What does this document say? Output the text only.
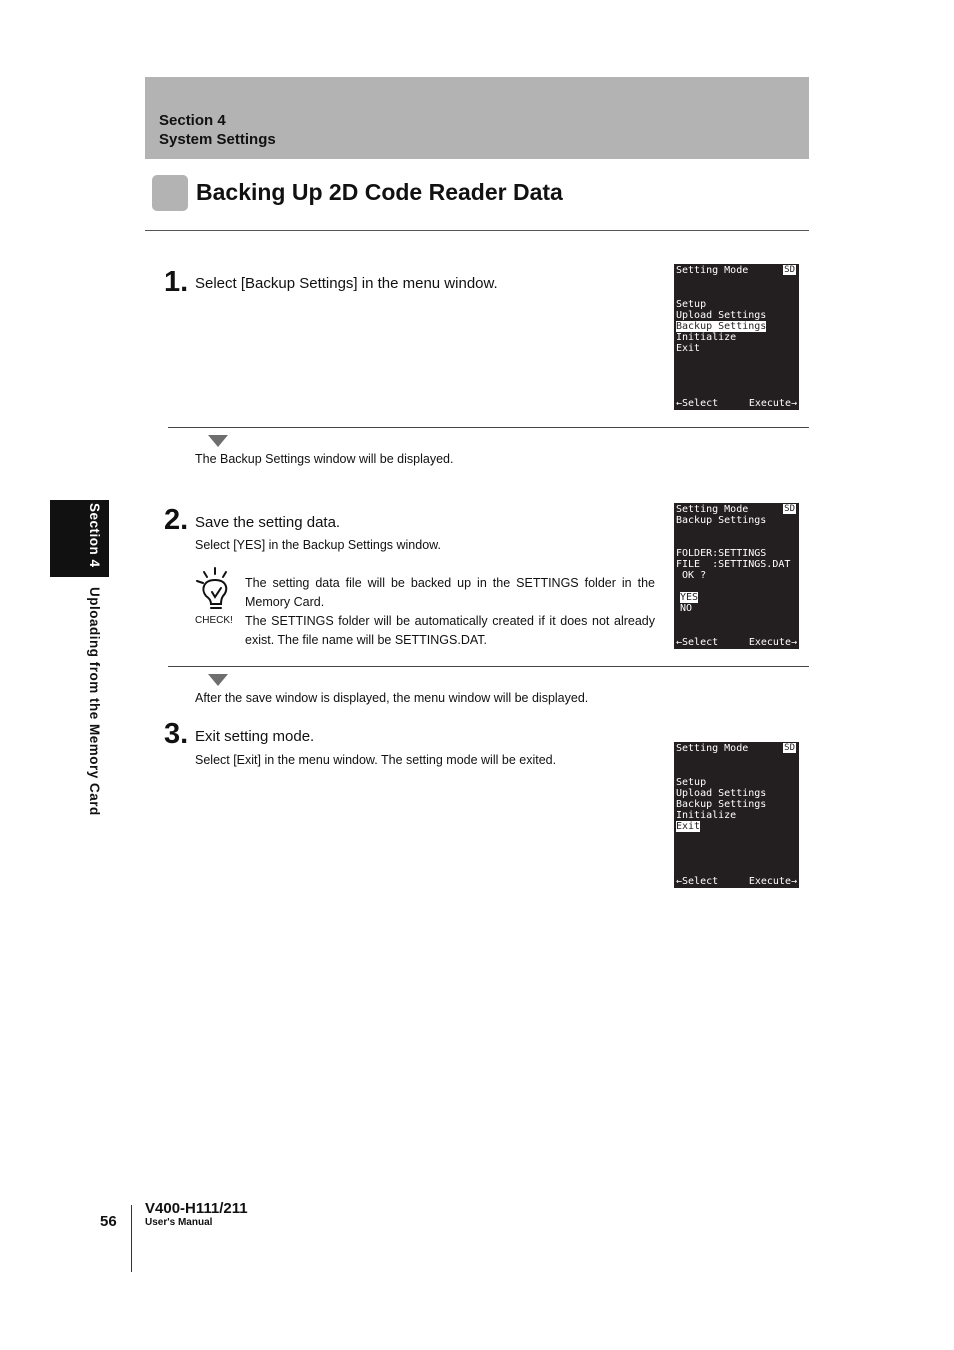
Section 4
System Settings
Backing Up 2D Code Reader Data
1. Select [Backup Settings] in the menu window.
Setting Mode	SD
Setup
Upload Settings
Backup Settings
Initialize
Exit
←Select	Execute→
The Backup Settings window will be displayed.
2. Save the setting data.
Select [YES] in the Backup Settings window.
CHECK!

The setting data file will be backed up in the SETTINGS folder in the Memory Card.

The SETTINGS folder will be automatically created if it does not already exist. The file name will be SETTINGS.DAT.

Setting Mode	SD
Backup Settings
FOLDER:SETTINGS
FILE  :SETTINGS.DAT
OK ?
YES
NO
←Select	Execute→
After the save window is displayed, the menu window will be displayed.
3. Exit setting mode.
Select [Exit] in the menu window. The setting mode will be exited.
Setting Mode	SD
Setup
Upload Settings
Backup Settings
Initialize
Exit
←Select	Execute→
Section 4
Uploading from the Memory Card
56
V400-H111/211
User's Manual
